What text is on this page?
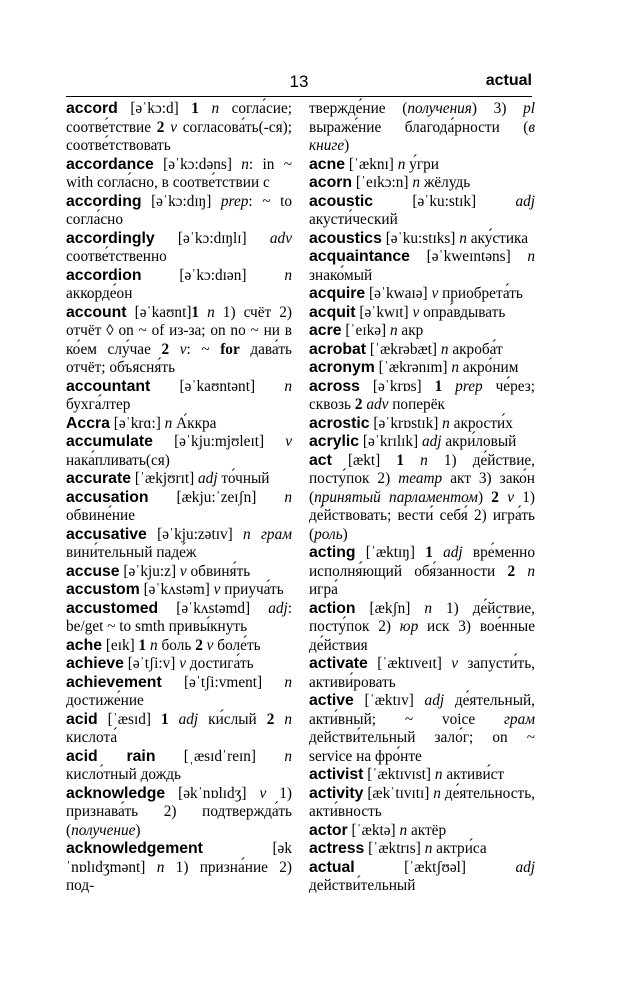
13	actual

accord [əˈkɔ:d] 1 n согла́сие; соотве́тствие 2 v согласова́ть(-ся); соотве́тствовать

accordance [əˈkɔ:dəns] n: in ~ with согла́сно, в соотве́тствии с

according [əˈkɔ:dɪŋ] prep: ~ to согла́сно

accordingly [əˈkɔ:dɪŋlɪ] adv соотве́тственно

accordion [əˈkɔ:dɪən] n аккорде́он

account [əˈkaʊnt]1 n 1) счёт 2) отчёт ◊ on ~ of из-за; on no ~ ни в ко́ем слу́чае 2 v: ~ for дава́ть отчёт; объясня́ть

accountant [əˈkaʊntənt] n бухга́лтер

Accra [əˈkrɑ:] n А́ккра

accumulate [əˈkju:mjʊleɪt] v нака́пливать(ся)

accurate [ˈækjʊrɪt] adj то́чный

accusation [ækju:ˈzeɪʃn] n обвине́ние

accusative [əˈkju:zətɪv] n грам вини́тельный паде́ж

accuse [əˈkju:z] v обвиня́ть

accustom [əˈkʌstəm] v приуча́ть

accustomed [əˈkʌstəmd] adj: be/get ~ to smth привы́кнуть

ache [eɪk] 1 n боль 2 v боле́ть

achieve [əˈtʃi:v] v достига́ть

achievement [əˈtʃi:vment] n достиже́ние

acid [ˈæsɪd] 1 adj ки́слый 2 n кислота́

acid rain [ˌæsɪdˈreɪn] n кисло́тный дождь

acknowledge [əkˈnɒlɪdʒ] v 1) признава́ть 2) подтвержда́ть (получение)

acknowledgement [əkˈnɒlɪdʒmənt] n 1) призна́ние 2) под-

твержде́ние (получения) 3) pl выраже́ние благода́рности (в книге)

acne [ˈæknɪ] n у́гри

acorn [ˈeɪkɔ:n] n жёлудь

acoustic [əˈku:stɪk] adj акусти́ческий

acoustics [əˈku:stɪks] n аку́стика

acquaintance [əˈkweɪntəns] n знако́мый

acquire [əˈkwaɪə] v приобрета́ть

acquit [əˈkwɪt] v опра́вдывать

acre [ˈeɪkə] n акр

acrobat [ˈækrəbæt] n акроба́т

acronym [ˈækrənɪm] n акро́ним

across [əˈkrɒs] 1 prep че́рез; сквозь 2 adv поперёк

acrostic [əˈkrɒstɪk] n акрости́х

acrylic [əˈkrɪlɪk] adj акри́ловый

act [ækt] 1 n 1) де́йствие, посту́пок 2) театр акт 3) зако́н (принятый парламентом) 2 v 1) де́йствовать; вести́ себя́ 2) игра́ть (роль)

acting [ˈæktɪŋ] 1 adj вре́менно исполня́ющий обя́занности 2 n игра́

action [ækʃn] n 1) де́йствие, посту́пок 2) юр иск 3) вое́нные де́йствия

activate [ˈæktɪveɪt] v запусти́ть, активи́ровать

active [ˈæktɪv] adj де́ятельный, акти́вный; ~ voice грам действи́тельный зало́г; on ~ service на фро́нте

activist [ˈæktɪvɪst] n активи́ст

activity [ækˈtɪvɪtɪ] n де́ятельность, акти́вность

actor [ˈæktə] n актёр

actress [ˈæktrɪs] n актри́са

actual [ˈæktʃʊəl] adj действи́тельный
